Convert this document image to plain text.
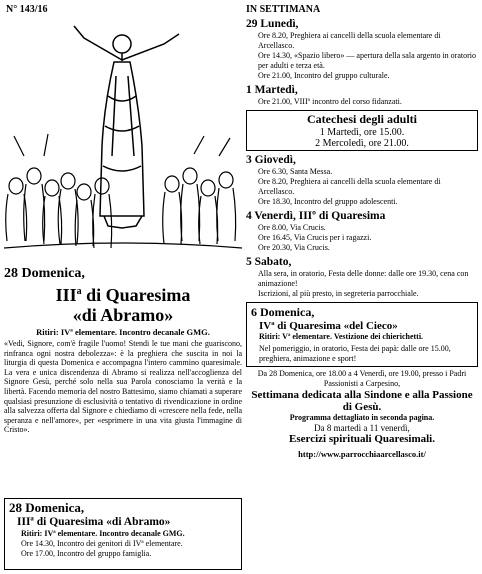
N° 143/16
28 Domenica,
III$^a$ di Quaresima
«di Abramo»
Ritiri: IVª elementare. Incontro decanale GMG.
«Vedi, Signore, com'è fragile l'uomo! Stendi le tue mani che guariscono, rinfranca ogni nostra debolezza»: è la preghiera che suscita in noi la liturgia di questa Domenica e accompagna l'intero cammino quaresimale. La vera e unica discendenza di Abramo si realizza nell'accoglienza del Signore Gesù, perché solo nella sua Parola conosciamo la verità e la libertà. Facendo memoria del nostro Battesimo, siamo chiamati a superare qualsiasi presunzione di esclusività o tentativo di rivendicazione in ordine alla salvezza offerta dal Signore e chiediamo di «crescere nella fede, nella speranza e nell'amore», per «esprimere in una vita giusta l'immagine di Cristo».
28 Domenica,
IIIª di Quaresima «di Abramo»
Ritiri: IVª elementare. Incontro decanale GMG.
Ore 14.30, Incontro dei genitori di IVª elementare.
Ore 17.00, Incontro del gruppo famiglia.
IN SETTIMANA
29 Lunedì,
Ore 8.20, Preghiera ai cancelli della scuola elementare di Arcellasco.
Ore 14.30, «Spazio libero» — apertura della sala argento in oratorio per adulti e terza età.
Ore 21.00, Incontro del gruppo culturale.
1 Martedì,
Ore 21.00, VIIIº incontro del corso fidanzati.
Catechesi degli adulti
1 Martedì, ore 15.00.
2 Mercoledì, ore 21.00.
3 Giovedì,
Ore 6.30, Santa Messa.
Ore 8.20, Preghiera ai cancelli della scuola elementare di Arcellasco.
Ore 18.30, Incontro del gruppo adolescenti.
4 Venerdì, IIIº di Quaresima
Ore 8.00, Via Crucis.
Ore 16.45, Via Crucis per i ragazzi.
Ore 20.30, Via Crucis.
5 Sabato,
Alla sera, in oratorio, Festa delle donne: dalle ore 19.30, cena con animazione!
Iscrizioni, al più presto, in segreteria parrocchiale.
6 Domenica,
IVª di Quaresima «del Cieco»
Ritiri: Vª elementare. Vestizione dei chierichetti.
Nel pomeriggio, in oratorio, Festa dei papà: dalle ore 15.00, preghiera, animazione e sport!
Da 28 Domenica, ore 18.00 a 4 Venerdì, ore 19.00, presso i Padri Passionisti a Carpesino,
Settimana dedicata alla Sindone e alla Passione di Gesù.
Programma dettagliato in seconda pagina.
Da 8 martedì a 11 venerdì,
Esercizi spirituali Quaresimali.
http://www.parrocchiaarcellasco.it/
